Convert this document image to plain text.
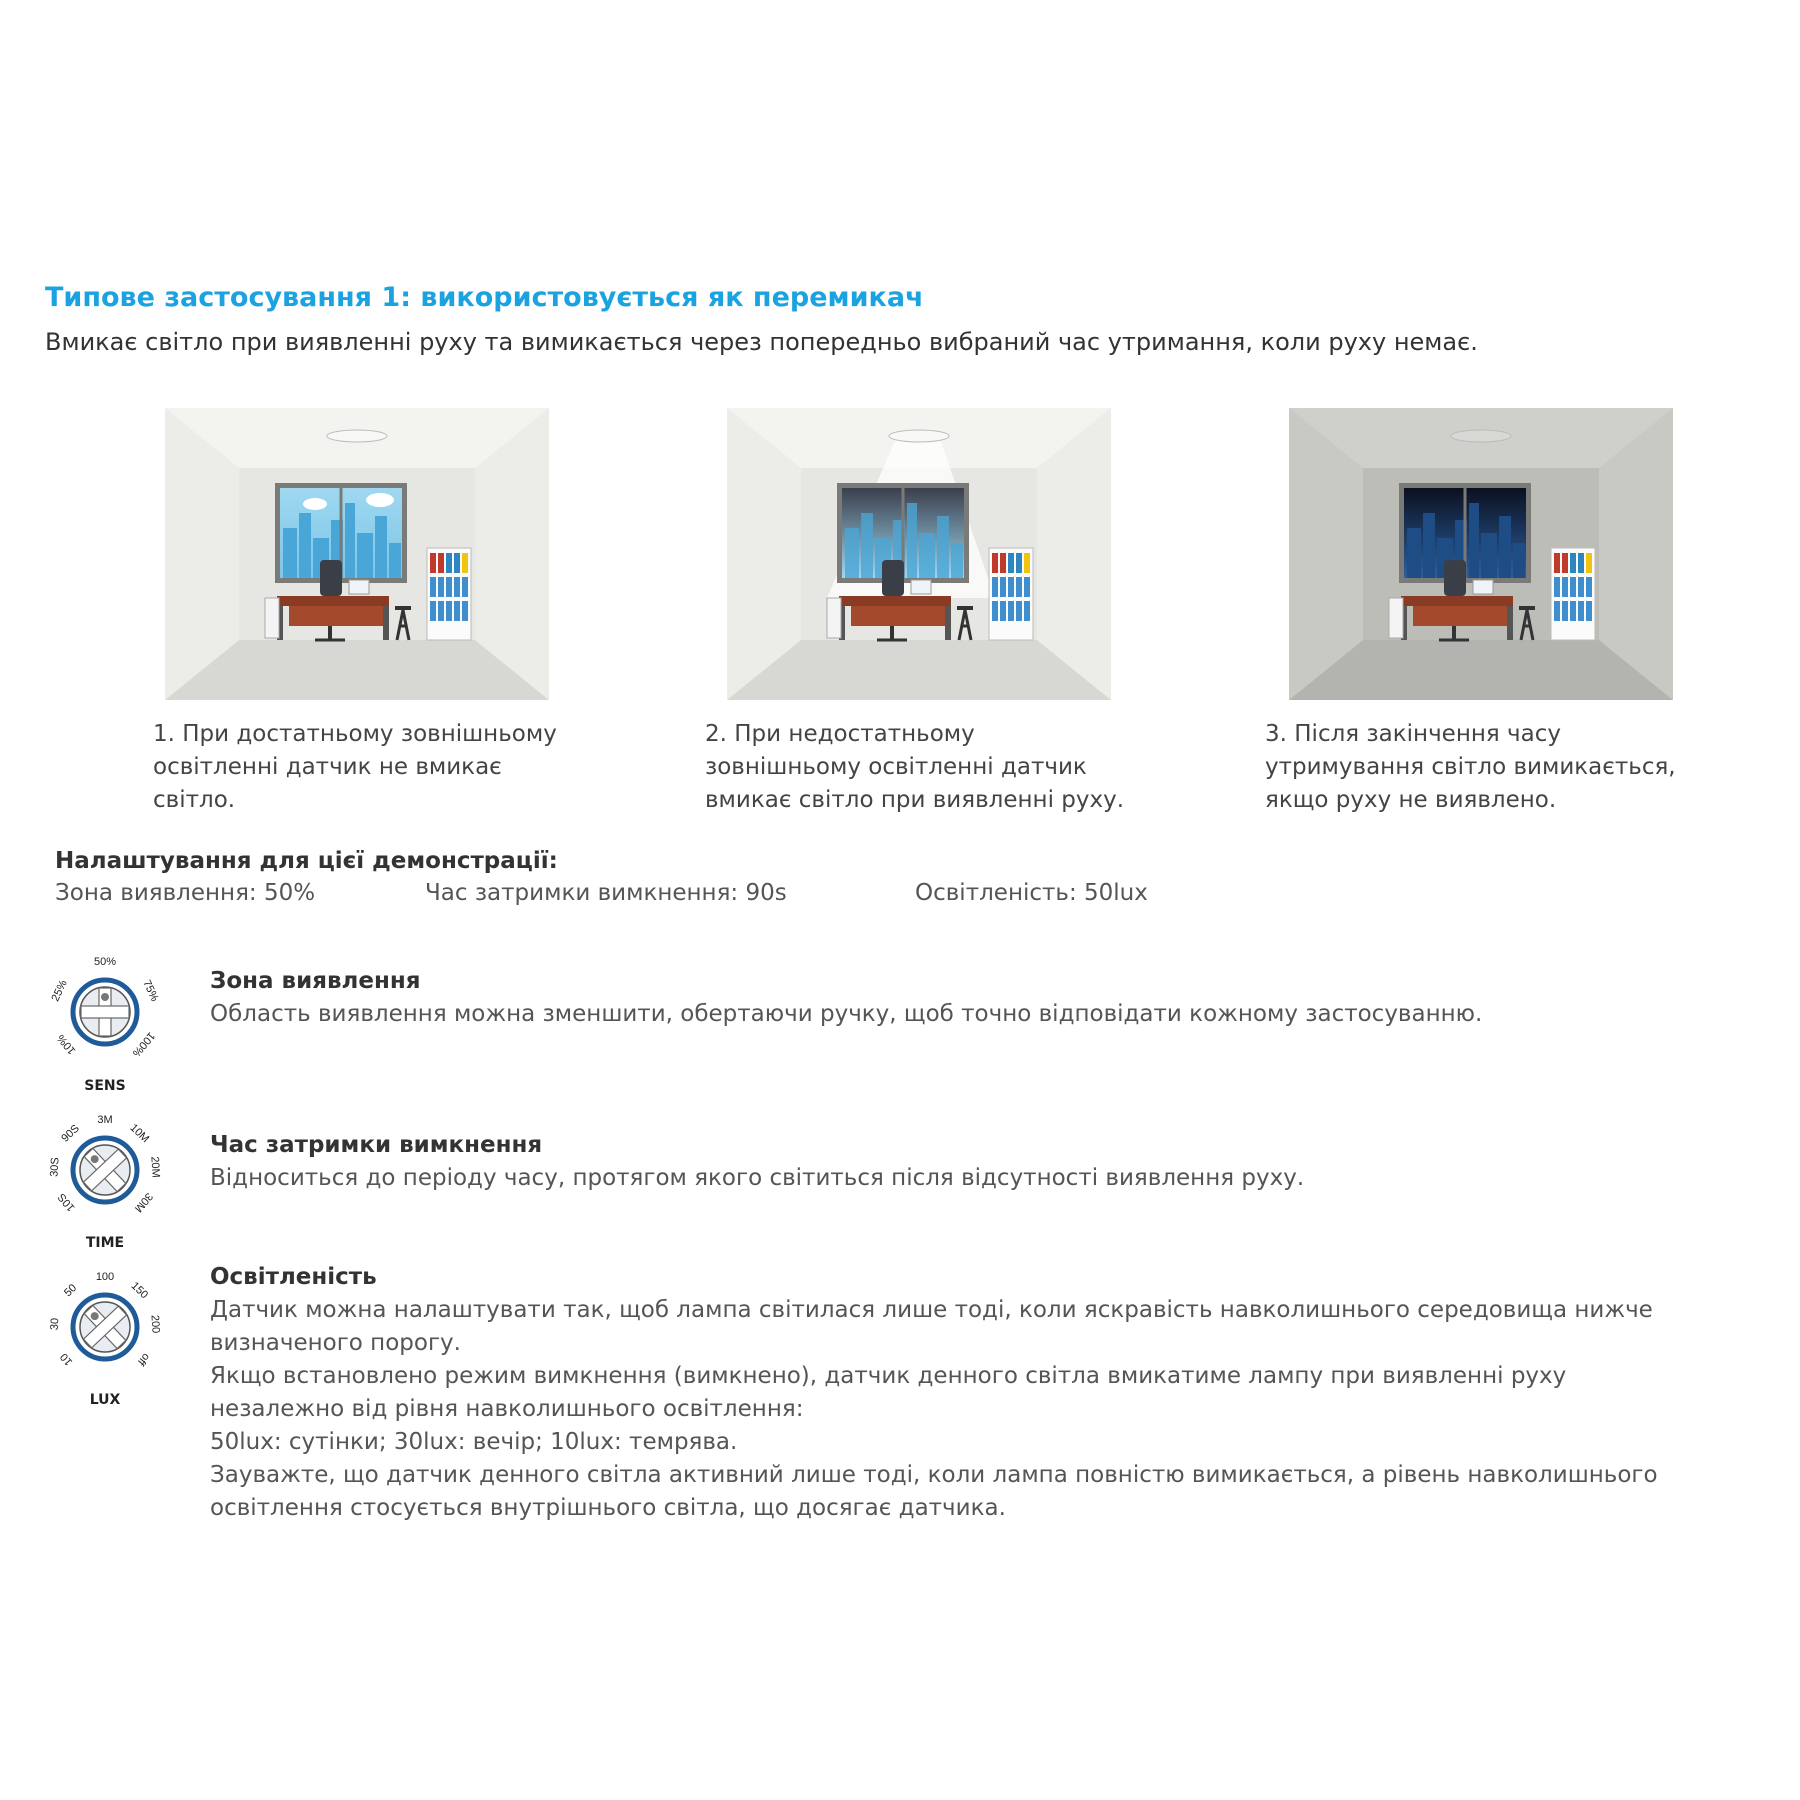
Типове застосування 1: використовується як перемикач
Вмикає світло при виявленні руху та вимикається через попередньо вибраний час утримання, коли руху немає.
1. При достатньому зовнішньому освітленні датчик не вмикає світло.
2. При недостатньому зовнішньому освітленні датчик вмикає світло при виявленні руху.
3. Після закінчення часу утримування світло вимикається, якщо руху не виявлено.
Налаштування для цієї демонстрації:
Зона виявлення: 50%	Час затримки вимкнення: 90s	Освітленість: 50lux
10%
25%
50%
75%
100%
SENS
10S
30S
90S
3M
10M
20M
30M
TIME
10
30
50
100
150
200
off
LUX
Зона виявлення
Область виявлення можна зменшити, обертаючи ручку, щоб точно відповідати кожному застосуванню.
Час затримки вимкнення
Відноситься до періоду часу, протягом якого світиться після відсутності виявлення руху.
Освітленість
Датчик можна налаштувати так, щоб лампа світилася лише тоді, коли яскравість навколишнього середовища нижче
визначеного порогу.
Якщо встановлено режим вимкнення (вимкнено), датчик денного світла вмикатиме лампу при виявленні руху
незалежно від рівня навколишнього освітлення:
50lux: сутінки; 30lux: вечір; 10lux: темрява.
Зауважте, що датчик денного світла активний лише тоді, коли лампа повністю вимикається, а рівень навколишнього
освітлення стосується внутрішнього світла, що досягає датчика.
